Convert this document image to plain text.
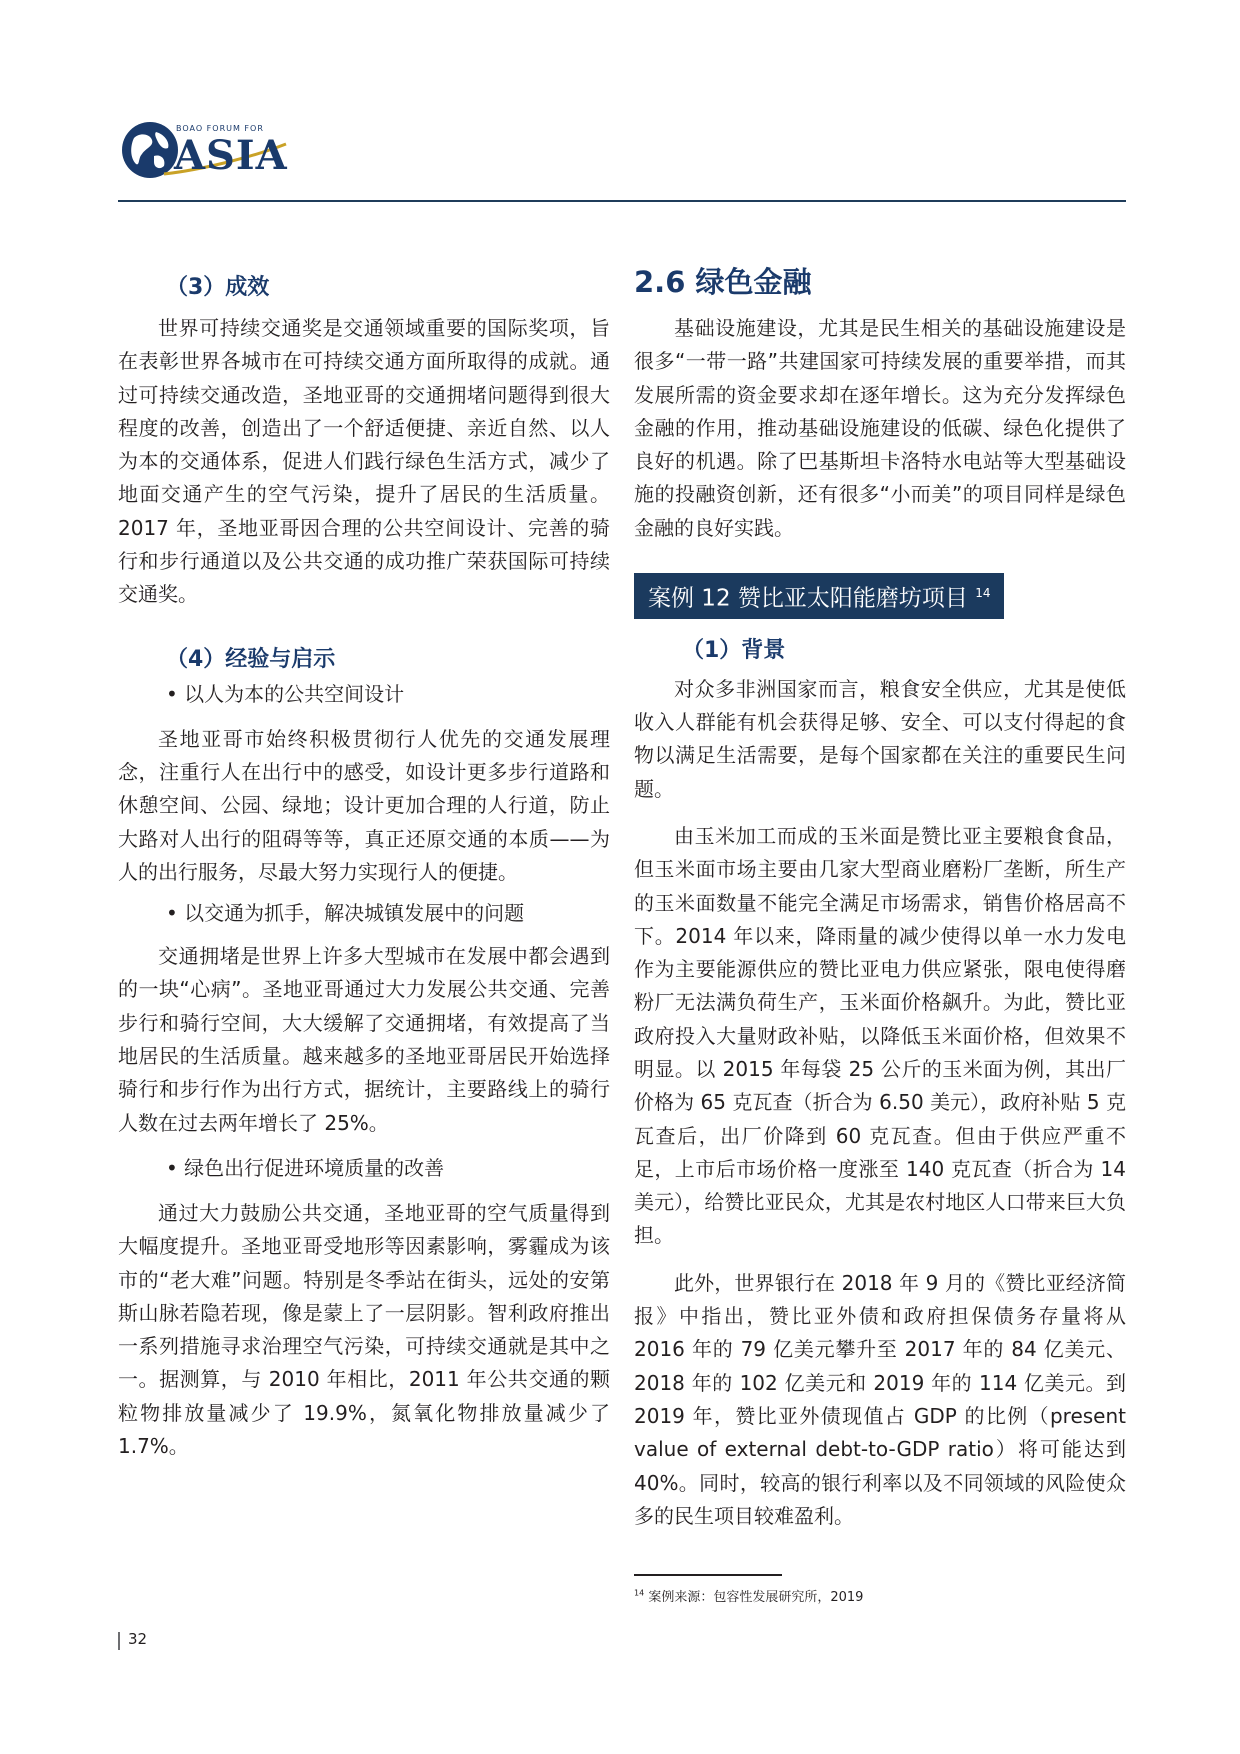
BOAO FORUM FOR
ASIA
（3）成效

世界可持续交通奖是交通领域重要的国际奖项，旨在表彰世界各城市在可持续交通方面所取得的成就。通过可持续交通改造，圣地亚哥的交通拥堵问题得到很大程度的改善，创造出了一个舒适便捷、亲近自然、以人为本的交通体系，促进人们践行绿色生活方式，减少了地面交通产生的空气污染，提升了居民的生活质量。2017 年，圣地亚哥因合理的公共空间设计、完善的骑行和步行通道以及公共交通的成功推广荣获国际可持续交通奖。

（4）经验与启示

• 以人为本的公共空间设计

圣地亚哥市始终积极贯彻行人优先的交通发展理念，注重行人在出行中的感受，如设计更多步行道路和休憩空间、公园、绿地；设计更加合理的人行道，防止大路对人出行的阻碍等等，真正还原交通的本质——为人的出行服务，尽最大努力实现行人的便捷。

• 以交通为抓手，解决城镇发展中的问题

交通拥堵是世界上许多大型城市在发展中都会遇到的一块“心病”。圣地亚哥通过大力发展公共交通、完善步行和骑行空间，大大缓解了交通拥堵，有效提高了当地居民的生活质量。越来越多的圣地亚哥居民开始选择骑行和步行作为出行方式，据统计，主要路线上的骑行人数在过去两年增长了 25%。

• 绿色出行促进环境质量的改善

通过大力鼓励公共交通，圣地亚哥的空气质量得到大幅度提升。圣地亚哥受地形等因素影响，雾霾成为该市的“老大难”问题。特别是冬季站在街头，远处的安第斯山脉若隐若现，像是蒙上了一层阴影。智利政府推出一系列措施寻求治理空气污染，可持续交通就是其中之一。据测算，与 2010 年相比，2011 年公共交通的颗粒物排放量减少了 19.9%，氮氧化物排放量减少了 1.7%。

2.6 绿色金融

基础设施建设，尤其是民生相关的基础设施建设是很多“一带一路”共建国家可持续发展的重要举措，而其发展所需的资金要求却在逐年增长。这为充分发挥绿色金融的作用，推动基础设施建设的低碳、绿色化提供了良好的机遇。除了巴基斯坦卡洛特水电站等大型基础设施的投融资创新，还有很多“小而美”的项目同样是绿色金融的良好实践。

案例 12 赞比亚太阳能磨坊项目 $^{14}$
（1）背景

对众多非洲国家而言，粮食安全供应，尤其是使低收入人群能有机会获得足够、安全、可以支付得起的食物以满足生活需要，是每个国家都在关注的重要民生问题。

由玉米加工而成的玉米面是赞比亚主要粮食食品，但玉米面市场主要由几家大型商业磨粉厂垄断，所生产的玉米面数量不能完全满足市场需求，销售价格居高不下。2014 年以来，降雨量的减少使得以单一水力发电作为主要能源供应的赞比亚电力供应紧张，限电使得磨粉厂无法满负荷生产，玉米面价格飙升。为此，赞比亚政府投入大量财政补贴，以降低玉米面价格，但效果不明显。以 2015 年每袋 25 公斤的玉米面为例，其出厂价格为 65 克瓦查（折合为 6.50 美元），政府补贴 5 克瓦查后，出厂价降到 60 克瓦查。但由于供应严重不足，上市后市场价格一度涨至 140 克瓦查（折合为 14 美元），给赞比亚民众，尤其是农村地区人口带来巨大负担。

此外，世界银行在 2018 年 9 月的《赞比亚经济简报》中指出，赞比亚外债和政府担保债务存量将从 2016 年的 79 亿美元攀升至 2017 年的 84 亿美元、2018 年的 102 亿美元和 2019 年的 114 亿美元。到 2019 年，赞比亚外债现值占 GDP 的比例（present value of external debt-to-GDP ratio）将可能达到 40%。同时，较高的银行利率以及不同领域的风险使众多的民生项目较难盈利。

$^{14}$ 案例来源：包容性发展研究所，2019
32
